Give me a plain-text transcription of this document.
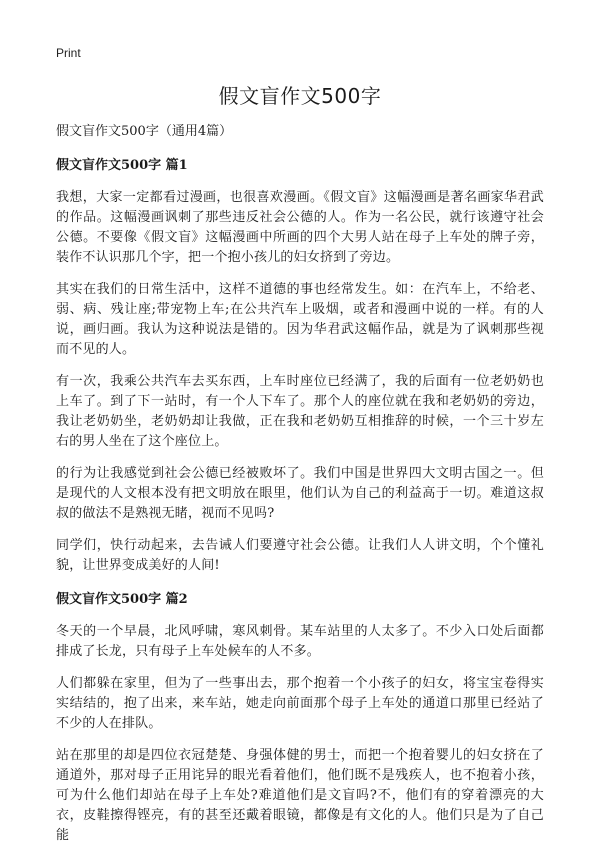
Print

假文盲作文500字

假文盲作文500字（通用4篇）

假文盲作文500字 篇1

我想，大家一定都看过漫画，也很喜欢漫画。《假文盲》这幅漫画是著名画家华君武的作品。这幅漫画讽刺了那些违反社会公德的人。作为一名公民，就行该遵守社会公德。不要像《假文盲》这幅漫画中所画的四个大男人站在母子上车处的牌子旁，装作不认识那几个字，把一个抱小孩儿的妇女挤到了旁边。

其实在我们的日常生活中，这样不道德的事也经常发生。如：在汽车上，不给老、弱、病、残让座;带宠物上车;在公共汽车上吸烟，或者和漫画中说的一样。有的人说，画归画。我认为这种说法是错的。因为华君武这幅作品，就是为了讽刺那些视而不见的人。

有一次，我乘公共汽车去买东西，上车时座位已经满了，我的后面有一位老奶奶也上车了。到了下一站时，有一个人下车了。那个人的座位就在我和老奶奶的旁边，我让老奶奶坐，老奶奶却让我做，正在我和老奶奶互相推辞的时候，一个三十岁左右的男人坐在了这个座位上。

的行为让我感觉到社会公德已经被败坏了。我们中国是世界四大文明古国之一。但是现代的人文根本没有把文明放在眼里，他们认为自己的利益高于一切。难道这叔叔的做法不是熟视无睹，视而不见吗?

同学们，快行动起来，去告诫人们要遵守社会公德。让我们人人讲文明，个个懂礼貌，让世界变成美好的人间!

假文盲作文500字 篇2

冬天的一个早晨，北风呼啸，寒风刺骨。某车站里的人太多了。不少入口处后面都排成了长龙，只有母子上车处候车的人不多。

人们都躲在家里，但为了一些事出去，那个抱着一个小孩子的妇女，将宝宝卷得实实结结的，抱了出来，来车站，她走向前面那个母子上车处的通道口那里已经站了不少的人在排队。

站在那里的却是四位衣冠楚楚、身强体健的男士，而把一个抱着婴儿的妇女挤在了通道外，那对母子正用诧异的眼光看着他们，他们既不是残疾人，也不抱着小孩，可为什么他们却站在母子上车处?难道他们是文盲吗?不，他们有的穿着漂亮的大衣，皮鞋擦得铿亮，有的甚至还戴着眼镜，都像是有文化的人。他们只是为了自己能
